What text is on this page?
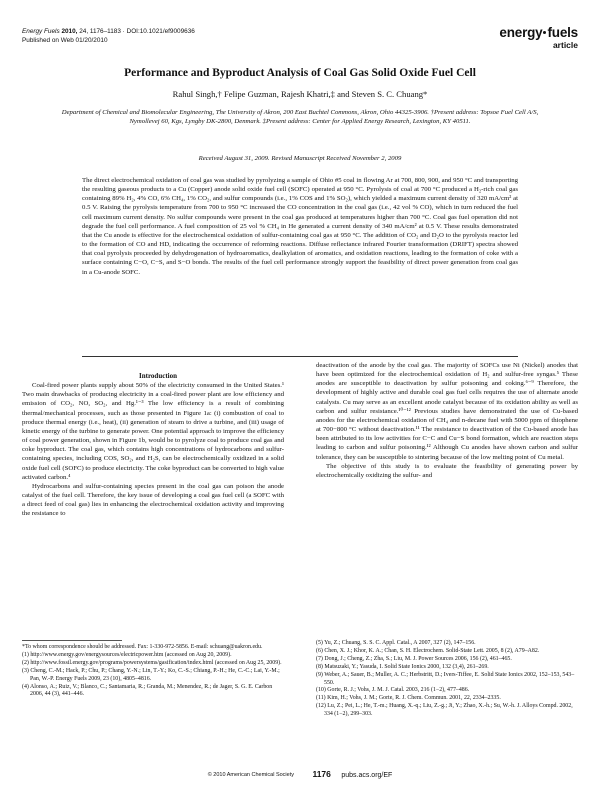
Energy Fuels 2010, 24, 1176–1183 · DOI:10.1021/ef9009636
Published on Web 01/20/2010
energy fuels
article
Performance and Byproduct Analysis of Coal Gas Solid Oxide Fuel Cell
Rahul Singh,† Felipe Guzman, Rajesh Khatri,‡ and Steven S. C. Chuang*
Department of Chemical and Biomolecular Engineering, The University of Akron, 200 East Buchtel Commons, Akron, Ohio 44325-3906. †Present address: Topsoe Fuel Cell A/S, Nymollevej 60, Kgs, Lyngby DK-2800, Denmark. ‡Present address: Center for Applied Energy Research, Lexington, KY 40511.
Received August 31, 2009. Revised Manuscript Received November 2, 2009
The direct electrochemical oxidation of coal gas was studied by pyrolyzing a sample of Ohio #5 coal in flowing Ar at 700, 800, 900, and 950 °C and transporting the resulting gaseous products to a Cu (Copper) anode solid oxide fuel cell (SOFC) operated at 950 °C. Pyrolysis of coal at 700 °C produced a H₂-rich coal gas containing 89% H₂, 4% CO, 6% CH₄, 1% CO₂, and sulfur compounds (i.e., 1% COS and 1% SO₂), which yielded a maximum current density of 320 mA/cm² at 0.5 V. Raising the pyrolysis temperature from 700 to 950 °C increased the CO concentration in the coal gas (i.e., 42 vol % CO), which in turn reduced the fuel cell maximum current density. No sulfur compounds were present in the coal gas produced at temperatures higher than 700 °C. Coal gas fuel operation did not degrade the fuel cell performance. A fuel composition of 25 vol % CH₄ in He generated a current density of 340 mA/cm² at 0.5 V. These results demonstrated that the Cu anode is effective for the electrochemical oxidation of sulfur-containing coal gas at 950 °C. The addition of CO₂ and D₂O to the pyrolysis reactor led to the formation of CO and HD, indicating the occurrence of reforming reactions. Diffuse reflectance infrared Fourier transformation (DRIFT) spectra showed that coal pyrolysis proceeded by dehydrogenation of hydroaromatics, dealkylation of aromatics, and oxidation reactions, leading to the formation of coke with a surface containing C−O, C−S, and S−O bonds. The results of the fuel cell performance strongly support the feasibility of direct power generation from coal gas in a Cu-anode SOFC.

Introduction

Coal-fired power plants supply about 50% of the electricity consumed in the United States.¹ Two main drawbacks of producing electricity in a coal-fired power plant are low efficiency and emission of CO₂, NO, SO₂, and Hg.¹⁻³ The low efficiency is a result of combining thermal/mechanical processes, such as those presented in Figure 1a: (i) combustion of coal to produce thermal energy (i.e., heat), (ii) generation of steam to drive a turbine, and (iii) usage of kinetic energy of the turbine to generate power. One potential approach to improve the efficiency of coal power generation, shown in Figure 1b, would be to pyrolyze coal to produce coal gas and coke byproduct. The coal gas, which contains high concentrations of hydrocarbons and sulfur-containing species, including COS, SO₂, and H₂S, can be electrochemically oxidized in a solid oxide fuel cell (SOFC) to produce electricity. The coke byproduct can be converted to high value activated carbon.⁴

Hydrocarbons and sulfur-containing species present in the coal gas can poison the anode catalyst of the fuel cell. Therefore, the key issue of developing a coal gas fuel cell (a SOFC with a direct feed of coal gas) lies in enhancing the electrochemical oxidation activity and improving the resistance to

deactivation of the anode by the coal gas. The majority of SOFCs use Ni (Nickel) anodes that have been optimized for the electrochemical oxidation of H₂ and sulfur-free syngas.⁵ These anodes are susceptible to deactivation by sulfur poisoning and coking.⁶⁻⁹ Therefore, the development of highly active and durable coal gas fuel cells requires the use of alternate anode catalysts. Cu may serve as an excellent anode catalyst because of its oxidation ability as well as carbon and sulfur resistance.¹⁰⁻¹² Previous studies have demonstrated the use of Cu-based anodes for the electrochemical oxidation of CH₄ and n-decane fuel with 5000 ppm of thiophene at 700−800 °C without deactivation.¹¹ The resistance to deactivation of the Cu-based anode has been attributed to its low activities for C−C and Cu−S bond formation, which are reaction steps leading to carbon and sulfur poisoning.¹² Although Cu anodes have shown carbon and sulfur tolerance, they can be susceptible to sintering because of the low melting point of Cu metal.

The objective of this study is to evaluate the feasibility of generating power by electrochemically oxidizing the sulfur- and

*To whom correspondence should be addressed. Fax: 1-330-972-5856. E-mail: schuang@uakron.edu.
(1) http://www.energy.gov/energysources/electricpower.htm (accessed on Aug 20, 2009).
(2) http://www.fossil.energy.gov/programs/powersystems/gasification/index.html (accessed on Aug 25, 2009).
(3) Cheng, C.-M.; Hack, P.; Chu, P.; Chang, Y.-N.; Lin, T.-Y.; Ko, C.-S.; Chiang, P.-H.; He, C.-C.; Lai, Y.-M.; Pan, W.-P. Energy Fuels 2009, 23 (10), 4805–4816.
(4) Alonso, A.; Ruiz, V.; Blanco, C.; Santamaria, R.; Granda, M.; Menendez, R.; de Jager, S. G. E. Carbon 2006, 44 (3), 441–446.
(5) Yu, Z.; Chuang, S. S. C. Appl. Catal., A 2007, 327 (2), 147–156.
(6) Chen, X. J.; Khor, K. A.; Chan, S. H. Electrochem. Solid-State Lett. 2005, 8 (2), A79–A82.
(7) Dong, J.; Cheng, Z.; Zha, S.; Liu, M. J. Power Sources 2006, 156 (2), 461–465.
(8) Matsuzaki, Y.; Yasuda, I. Solid State Ionics 2000, 132 (3,4), 261–269.
(9) Weber, A.; Sauer, B.; Muller, A. C.; Herbstritt, D.; Ivers-Tiffee, E. Solid State Ionics 2002, 152–153, 543–550.
(10) Gorte, R. J.; Vohs, J. M. J. Catal. 2003, 216 (1−2), 477–486.
(11) Kim, H.; Vohs, J. M.; Gorte, R. J. Chem. Commun. 2001, 22, 2334–2335.
(12) Lu, Z.; Pei, L.; He, T.-m.; Huang, X.-q.; Liu, Z.-g.; Ji, Y.; Zhao, X.-h.; Su, W.-h. J. Alloys Compd. 2002, 334 (1−2), 299–303.
© 2010 American Chemical Society 1176 pubs.acs.org/EF
